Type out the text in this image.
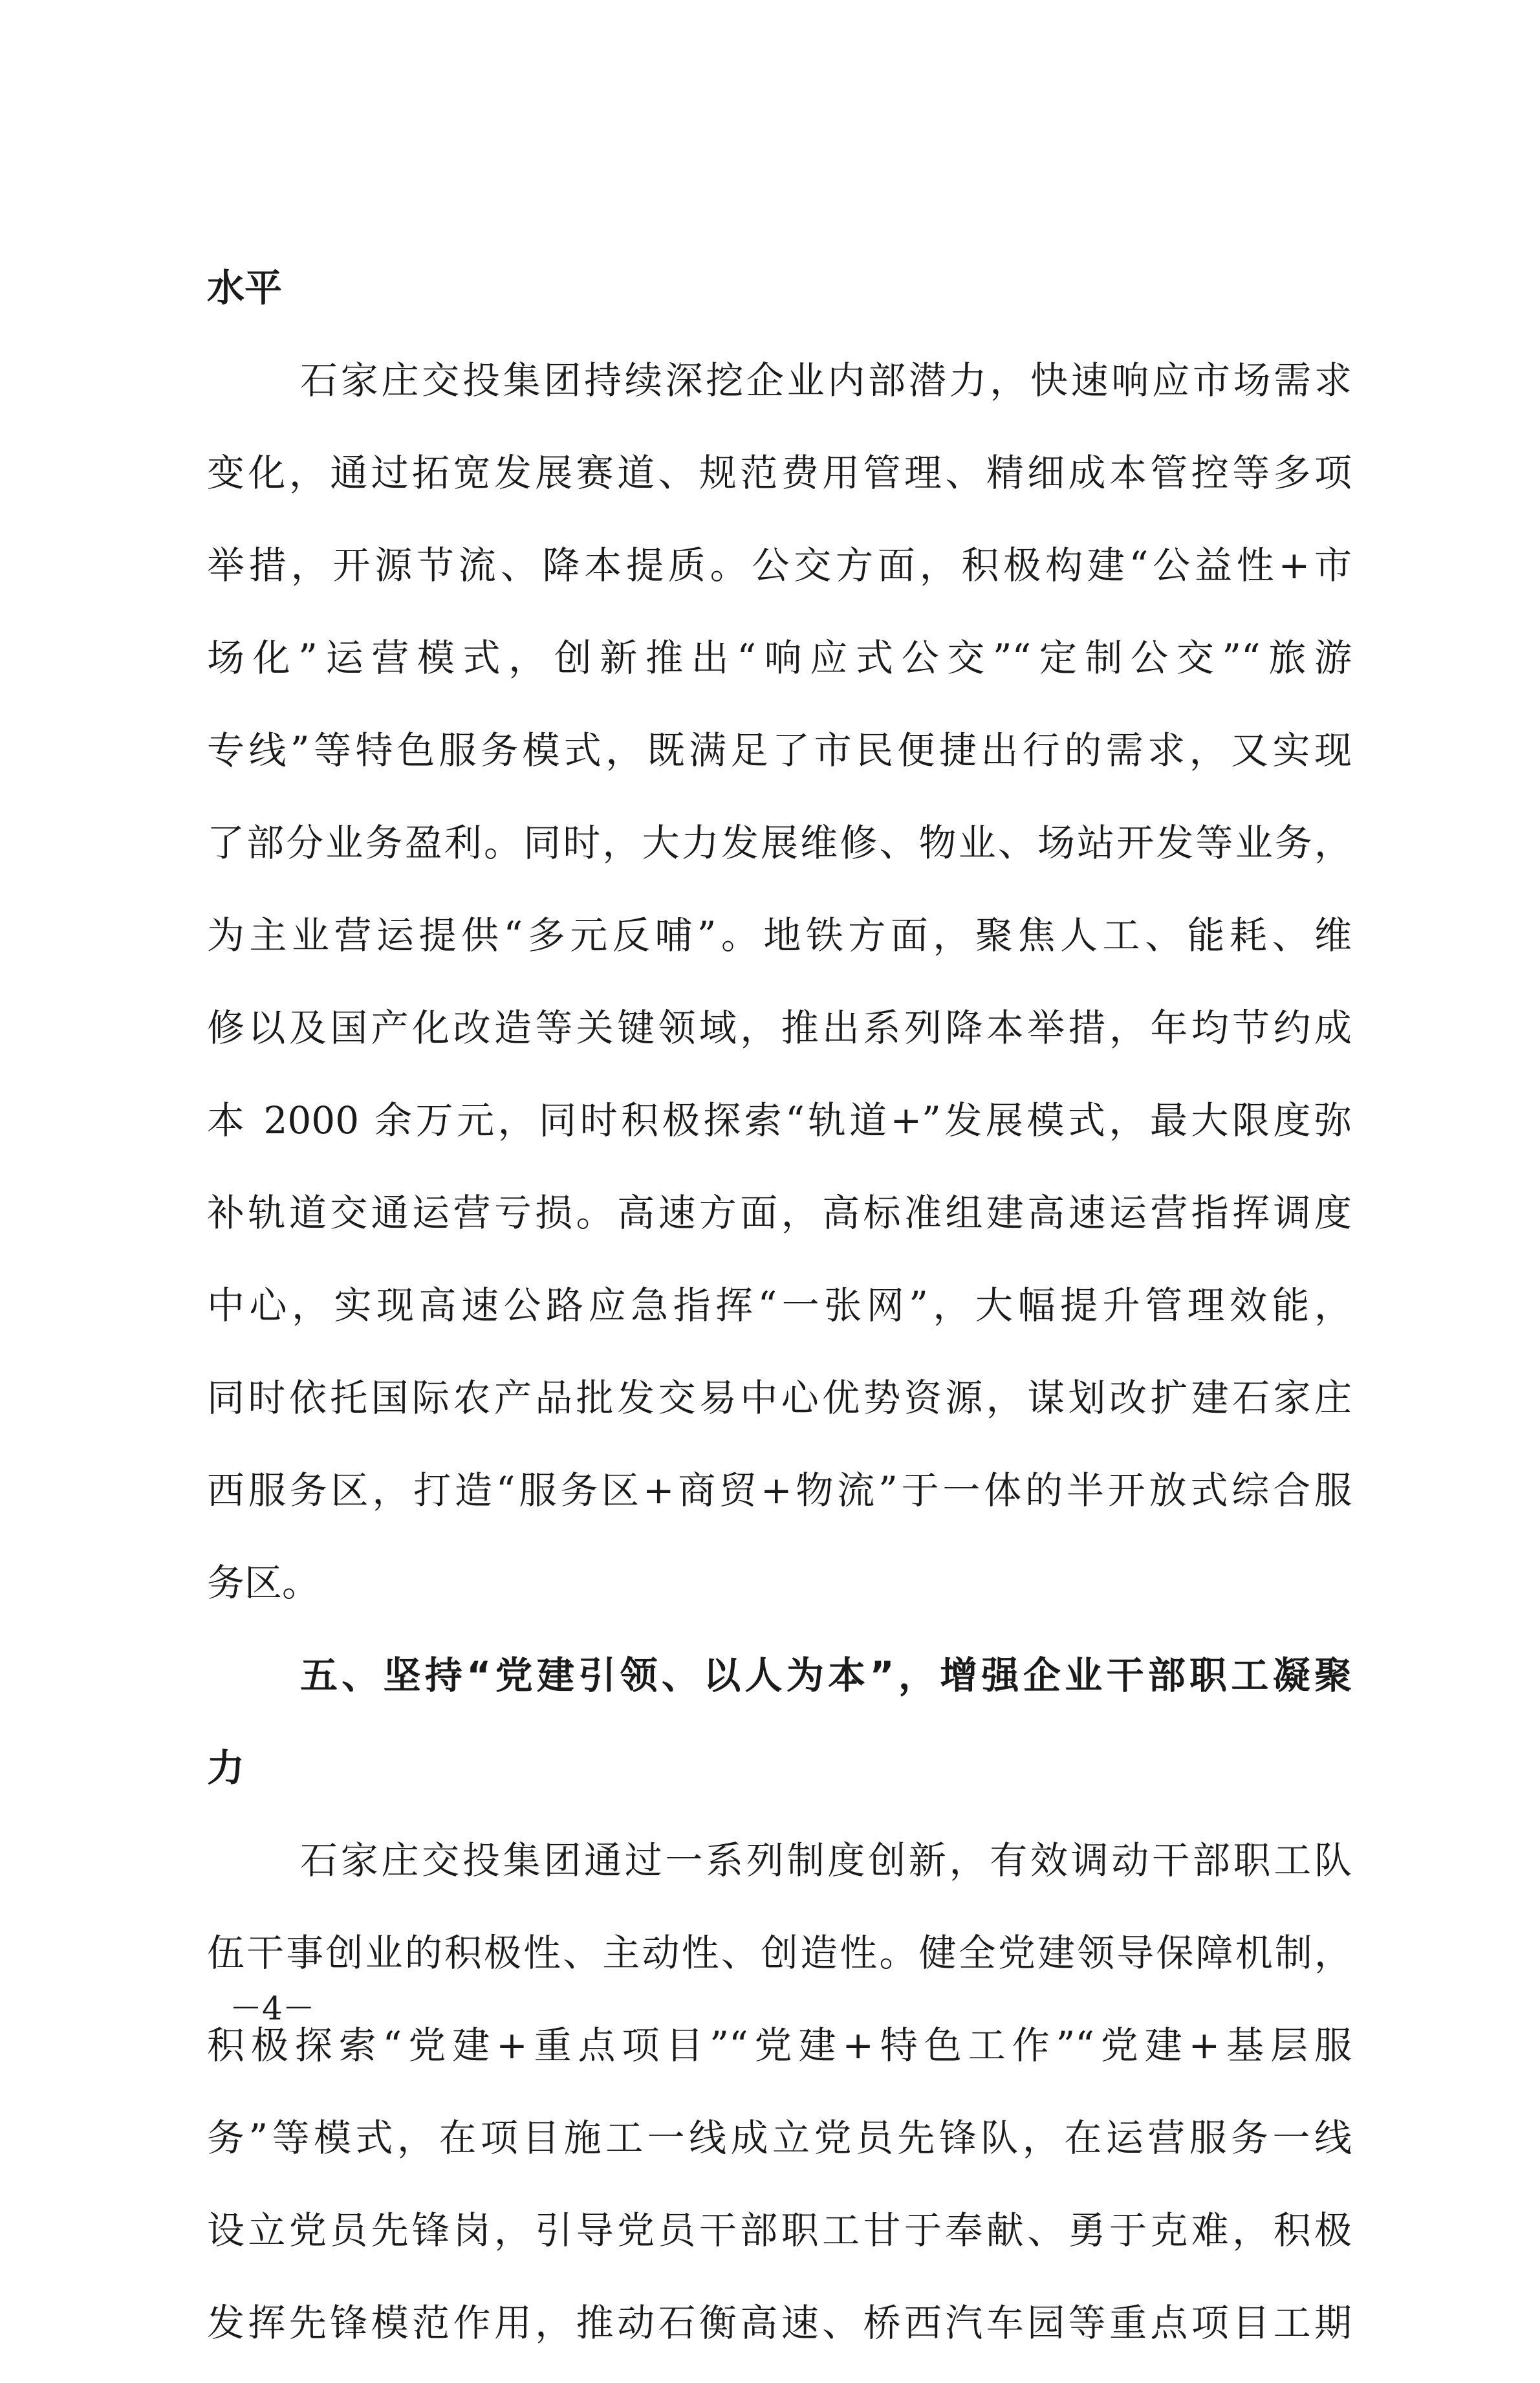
水平
石家庄交投集团持续深挖企业内部潜力，快速响应市场需求
变化，通过拓宽发展赛道、规范费用管理、精细成本管控等多项
举措，开源节流、降本提质。公交方面，积极构建“公益性+市
场化”运营模式，创新推出“响应式公交”“定制公交”“旅游
专线”等特色服务模式，既满足了市民便捷出行的需求，又实现
了部分业务盈利。同时，大力发展维修、物业、场站开发等业务，
为主业营运提供“多元反哺”。地铁方面，聚焦人工、能耗、维
修以及国产化改造等关键领域，推出系列降本举措，年均节约成
本 2000 余万元，同时积极探索“轨道+”发展模式，最大限度弥
补轨道交通运营亏损。高速方面，高标准组建高速运营指挥调度
中心，实现高速公路应急指挥“一张网”，大幅提升管理效能，
同时依托国际农产品批发交易中心优势资源，谋划改扩建石家庄
西服务区，打造“服务区+商贸+物流”于一体的半开放式综合服
务区。
五、坚持“党建引领、以人为本”，增强企业干部职工凝聚
力
石家庄交投集团通过一系列制度创新，有效调动干部职工队
伍干事创业的积极性、主动性、创造性。健全党建领导保障机制，
积极探索“党建+重点项目”“党建+特色工作”“党建+基层服
务”等模式，在项目施工一线成立党员先锋队，在运营服务一线
设立党员先锋岗，引导党员干部职工甘于奉献、勇于克难，积极
发挥先锋模范作用，推动石衡高速、桥西汽车园等重点项目工期
－4－
